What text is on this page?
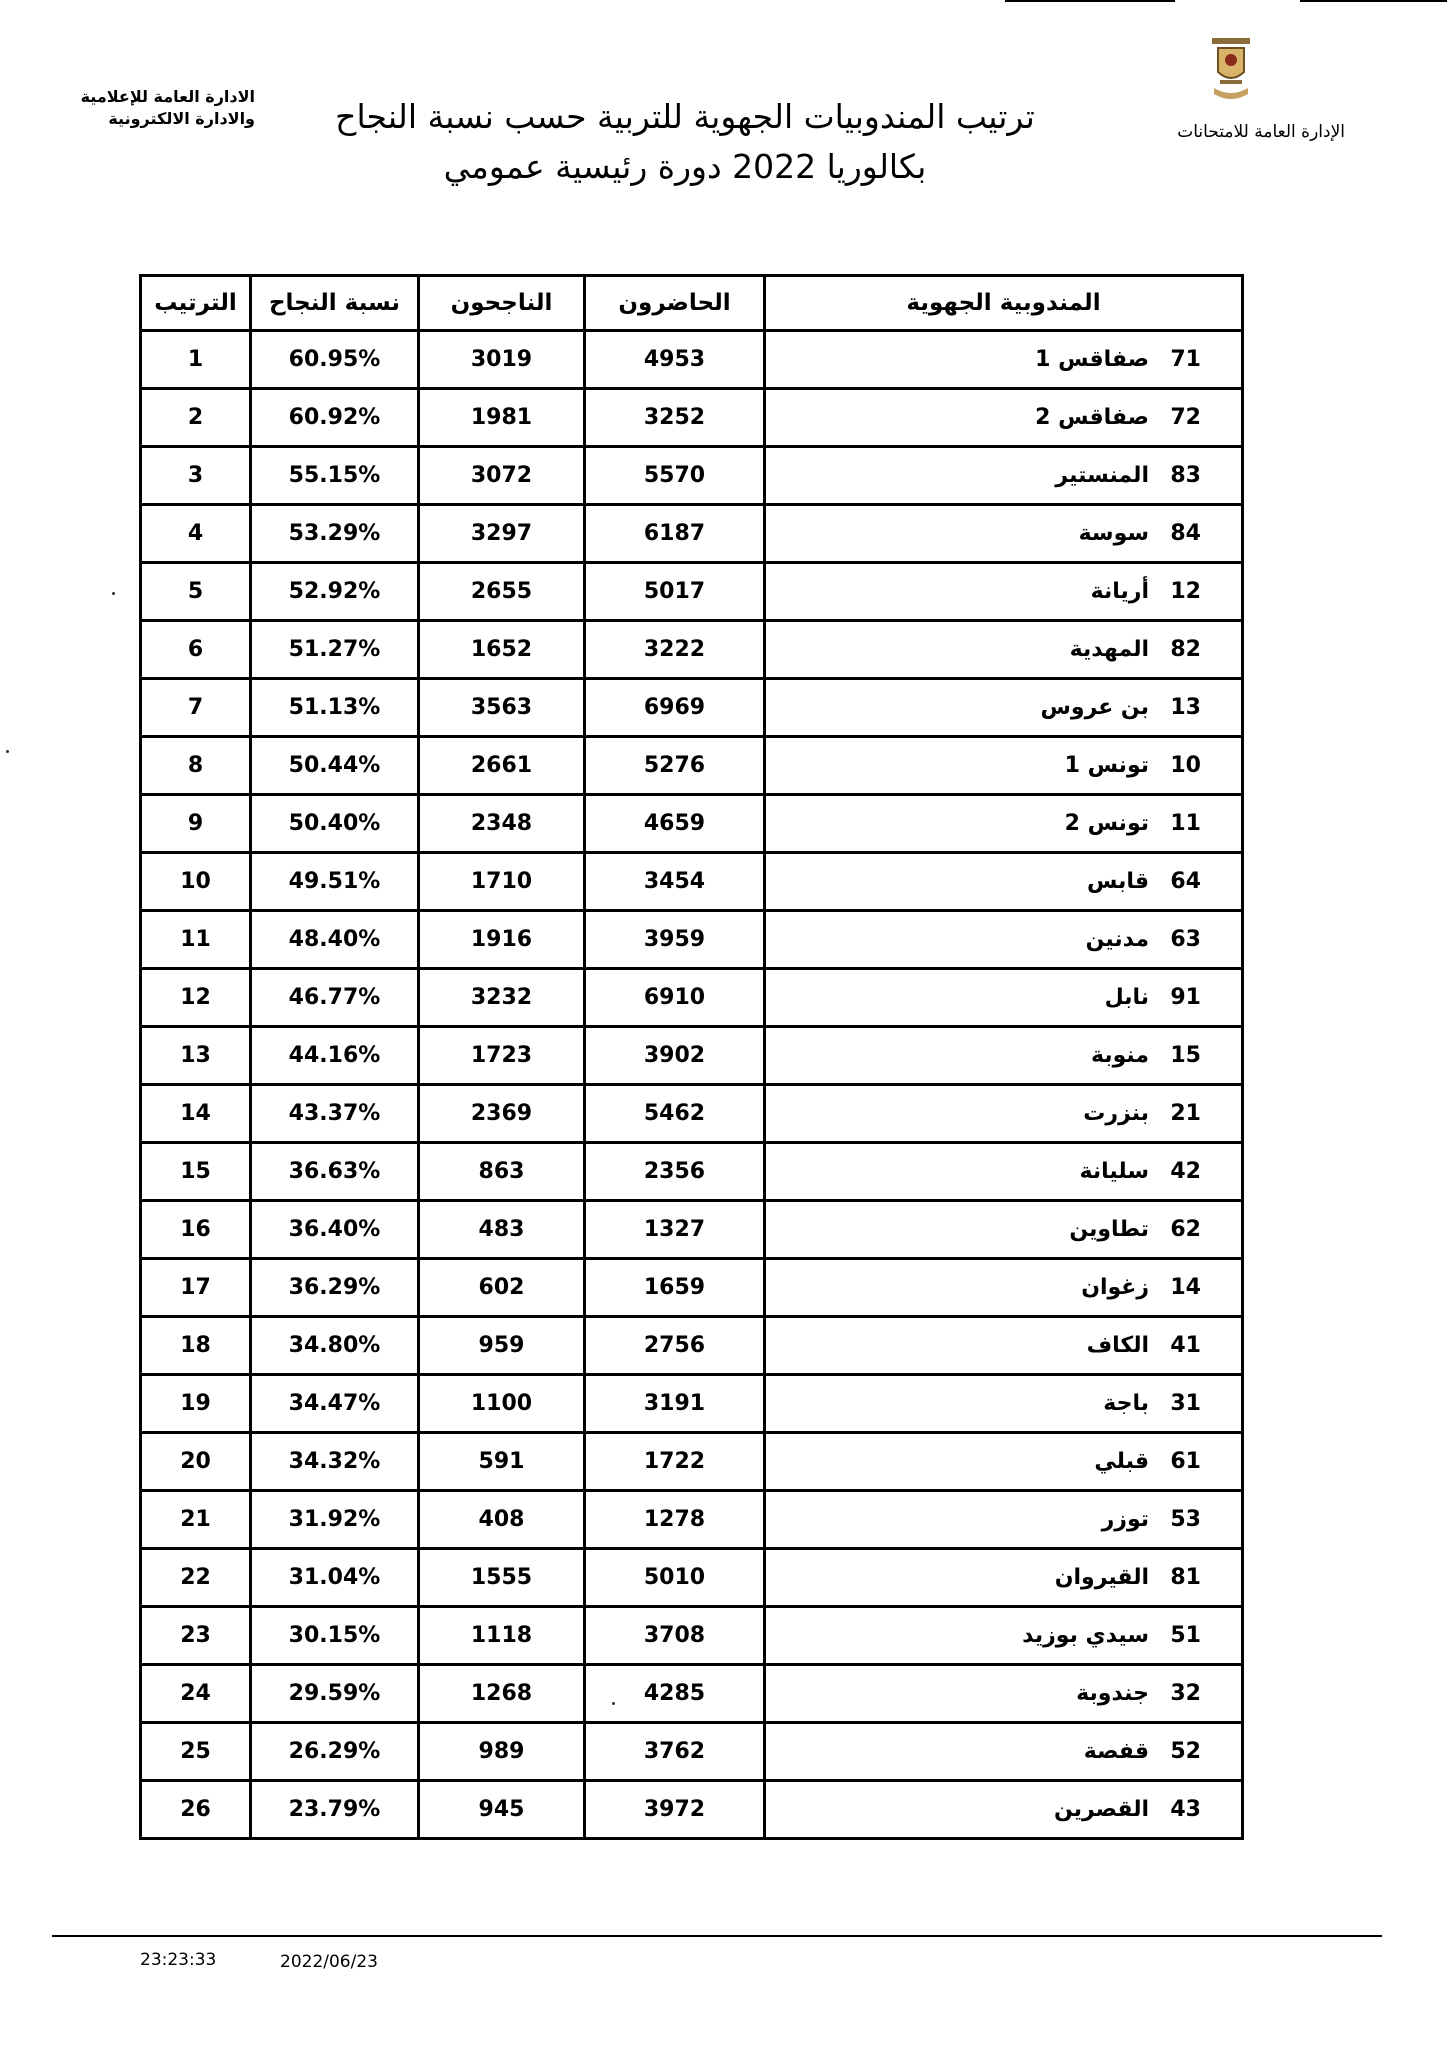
الادارة العامة للإعلامية
والادارة الالكترونية	ترتيب المندوبيات الجهوية للتربية حسب نسبة النجاح
بكالوريا 2022 دورة رئيسية عمومي
الإدارة العامة للامتحانات
الترتيب	نسبة النجاح	الناجحون	الحاضرون	المندوبية الجهوية
1	60.95%	3019	4953	71صفاقس 1
2	60.92%	1981	3252	72صفاقس 2
3	55.15%	3072	5570	83المنستير
4	53.29%	3297	6187	84سوسة
5	52.92%	2655	5017	12أريانة
6	51.27%	1652	3222	82المهدية
7	51.13%	3563	6969	13بن عروس
8	50.44%	2661	5276	10تونس 1
9	50.40%	2348	4659	11تونس 2
10	49.51%	1710	3454	64قابس
11	48.40%	1916	3959	63مدنين
12	46.77%	3232	6910	91نابل
13	44.16%	1723	3902	15منوبة
14	43.37%	2369	5462	21بنزرت
15	36.63%	863	2356	42سليانة
16	36.40%	483	1327	62تطاوين
17	36.29%	602	1659	14زغوان
18	34.80%	959	2756	41الكاف
19	34.47%	1100	3191	31باجة
20	34.32%	591	1722	61قبلي
21	31.92%	408	1278	53توزر
22	31.04%	1555	5010	81القيروان
23	30.15%	1118	3708	51سيدي بوزيد
24	29.59%	1268	4285	32جندوبة
25	26.29%	989	3762	52قفصة
26	23.79%	945	3972	43القصرين
23:23:33	2022/06/23
